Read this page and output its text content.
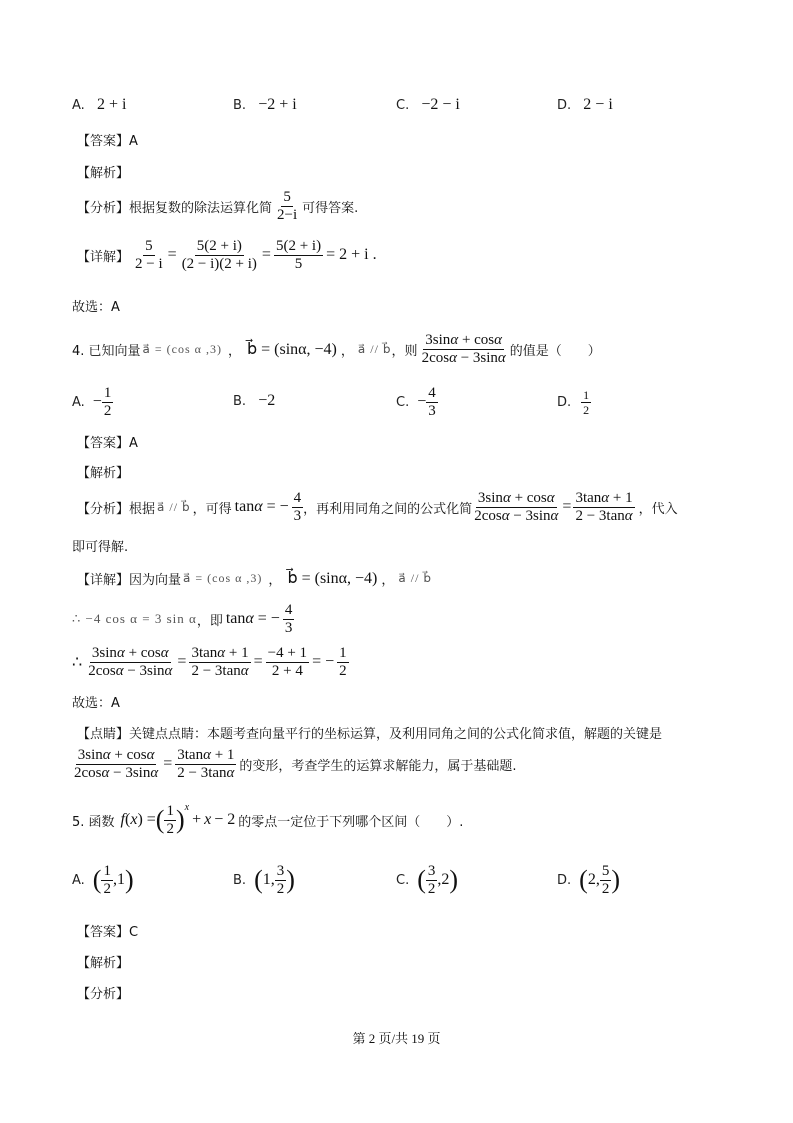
A. 2 + i	B. −2 + i	C. −2 − i	D. 2 − i
【答案】A
【解析】
【分析】根据复数的除法运算化简 $\frac{5}{2-i}$ 可得答案.
【详解】 $\frac{5}{2 - i} = \frac{5(2 + i)}{(2 - i)(2 + i)} = \frac{5(2 + i)}{5} = 2 + i$ .
故选：A
4. 已知向量 a⃗ = (cos α ,3) ， b⃗ = (sinα, −4) ， a⃗ // b⃗ ，则 $\frac{3\sin\alpha + \cos\alpha}{2\cos\alpha - 3\sin\alpha}$ 的值是（　　）
A. − $\frac{1}{2}$	B. −2	C. − $\frac{4}{3}$	D. $\frac{1}{2}$
【答案】A
【解析】
【分析】根据 a⃗ // b⃗ ，可得 tanα = − $\frac{4}{3}$ ，再利用同角之间的公式化简 $\frac{3\sin\alpha + \cos\alpha}{2\cos\alpha - 3\sin\alpha} = \frac{3\tan\alpha + 1}{2 - 3\tan\alpha}$ ，代入
即可得解.
【详解】因为向量 a⃗ = (cos α ,3) ， b⃗ = (sinα, −4) ， a⃗ // b⃗
∴ −4 cos α = 3 sin α ，即 tanα = − $\frac{4}{3}$
∴ $\frac{3\sin\alpha + \cos\alpha}{2\cos\alpha - 3\sin\alpha} = \frac{3\tan\alpha + 1}{2 - 3\tan\alpha} = \frac{-4 + 1}{2 + 4}$ = − $\frac{1}{2}$
故选：A
【点睛】关键点点睛：本题考查向量平行的坐标运算，及利用同角之间的公式化简求值，解题的关键是
$\frac{3\sin\alpha + \cos\alpha}{2\cos\alpha - 3\sin\alpha} = \frac{3\tan\alpha + 1}{2 - 3\tan\alpha}$ 的变形，考查学生的运算求解能力，属于基础题.
5. 函数 f ( x ) = ( $\frac{1}{2}$ ) x
+ x − 2 的零点一定位于下列哪个区间（　　）.
A. ( $\frac{1}{2} ,1$ )	B. ( 1, $\frac{3}{2}$ )	C. ( $\frac{3}{2} ,2$ )	D. ( 2, $\frac{5}{2}$ )
【答案】C
【解析】
【分析】
第 2 页/共 19 页
